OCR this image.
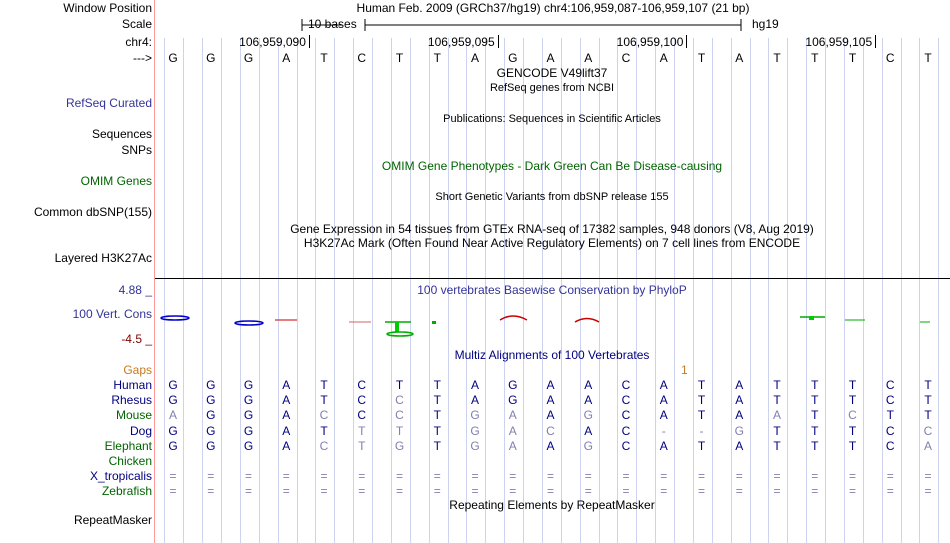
Window Position	Human Feb. 2009 (GRCh37/hg19) chr4:106,959,087-106,959,107 (21 bp)
Scale	10 bases	hg19
chr4:	106,959,090	106,959,095	106,959,100	106,959,105
---> G G G	A	T	C	T	T	A	G	A	A	C	A	T	A	T	T	T	C	T
GENCODE V49lift37
RefSeq genes from NCBI
RefSeq Curated
Publications: Sequences in Scientific Articles
Sequences
SNPs
OMIM Gene Phenotypes - Dark Green Can Be Disease-causing
OMIM Genes
Short Genetic Variants from dbSNP release 155
Common dbSNP(155)
Gene Expression in 54 tissues from GTEx RNA-seq of 17382 samples, 948 donors (V8, Aug 2019)
H3K27Ac Mark (Often Found Near Active Regulatory Elements) on 7 cell lines from ENCODE
Layered H3K27Ac
100 vertebrates Basewise Conservation by PhyloP
4.88 _
100 Vert. Cons
-4.5 _
Multiz Alignments of 100 Vertebrates
Gaps	1
Human G G G	A	T	C	T	T	A	G	A	A	C	A	T	A	T	T	T	C	T
Rhesus G G G	A	T	C	C	T	A	G	A	A	C	A	T	A	T	T	T	C	T
Mouse	A	G G	A	C	C	C	T	G	A	A	G	C	A	T	A	A	T	C	T	T
Dog G G G	A	T	T	T	T	G	A	C	A	C	-	-	G	T	T	T	C	C
Elephant G G G	A	C	T	G	T	G	A	A	G	C	A	T	A	T	T	T	C	A
Chicken
X_tropicalis	=	=	=	=	=	=	=	=	=	=	=	=	=	=	=	=	=	=	=	=	=
Zebrafish	=	=	=	=	=	=	=	=	=	=	=	=	=	=	=	=	=	=	=	=	=
Repeating Elements by RepeatMasker
RepeatMasker
